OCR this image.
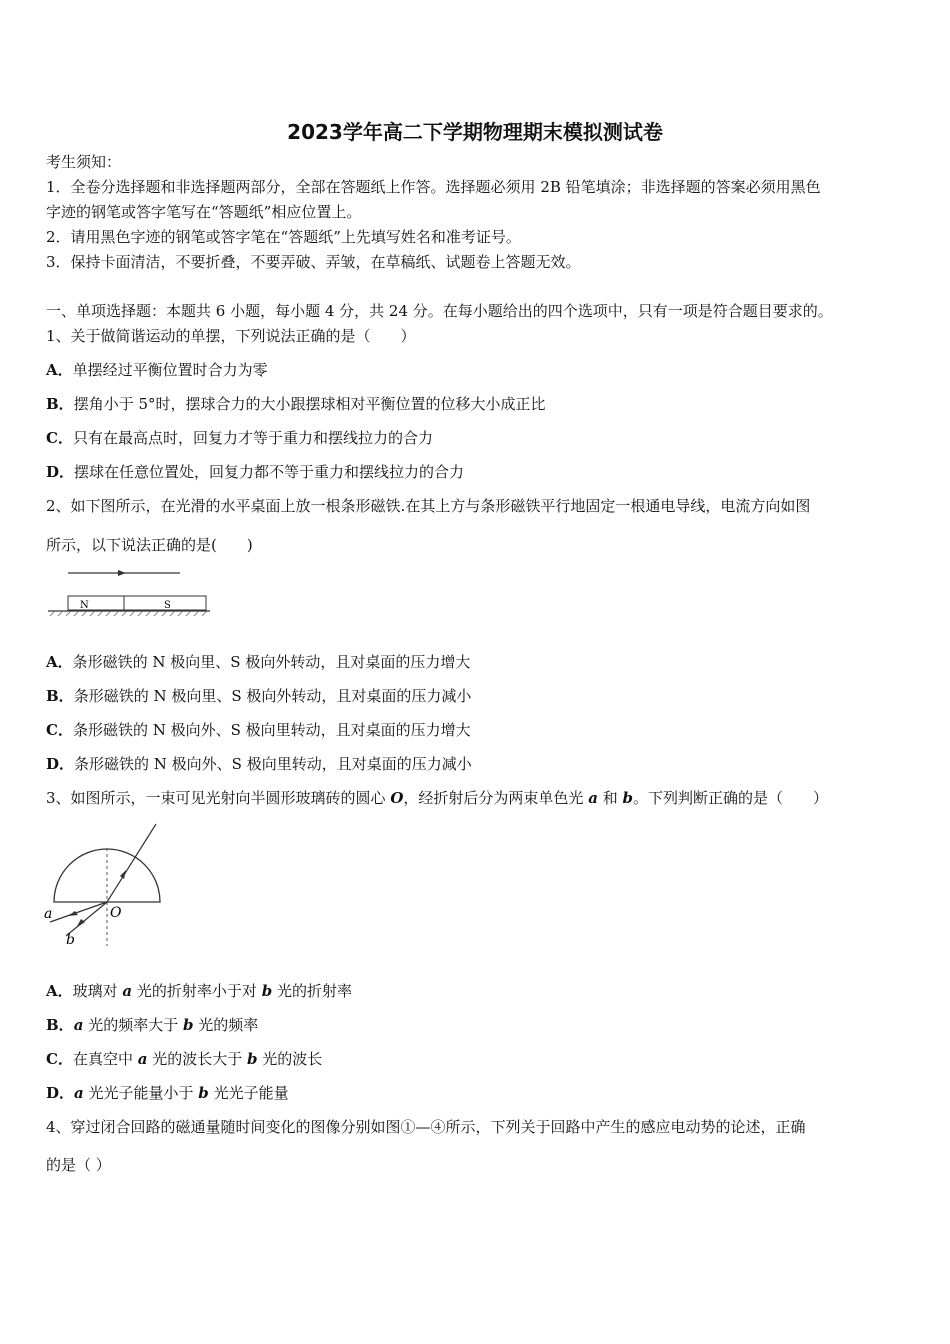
2023学年高二下学期物理期末模拟测试卷
考生须知：
1．全卷分选择题和非选择题两部分，全部在答题纸上作答。选择题必须用 2B 铅笔填涂；非选择题的答案必须用黑色
字迹的钢笔或答字笔写在“答题纸”相应位置上。
2．请用黑色字迹的钢笔或答字笔在“答题纸”上先填写姓名和准考证号。
3．保持卡面清洁，不要折叠，不要弄破、弄皱，在草稿纸、试题卷上答题无效。
一、单项选择题：本题共 6 小题，每小题 4 分，共 24 分。在每小题给出的四个选项中，只有一项是符合题目要求的。
1、关于做简谐运动的单摆，下列说法正确的是（　　）
A．单摆经过平衡位置时合力为零
B．摆角小于 5°时，摆球合力的大小跟摆球相对平衡位置的位移大小成正比
C．只有在最高点时，回复力才等于重力和摆线拉力的合力
D．摆球在任意位置处，回复力都不等于重力和摆线拉力的合力
2、如下图所示，在光滑的水平桌面上放一根条形磁铁.在其上方与条形磁铁平行地固定一根通电导线，电流方向如图
所示，以下说法正确的是(　　)
N	S
A．条形磁铁的 N 极向里、S 极向外转动，且对桌面的压力增大
B．条形磁铁的 N 极向里、S 极向外转动，且对桌面的压力减小
C．条形磁铁的 N 极向外、S 极向里转动，且对桌面的压力增大
D．条形磁铁的 N 极向外、S 极向里转动，且对桌面的压力减小
3、如图所示，一束可见光射向半圆形玻璃砖的圆心 O，经折射后分为两束单色光 a 和 b。下列判断正确的是（　　）
a
b
O
A．玻璃对 a 光的折射率小于对 b 光的折射率
B．a 光的频率大于 b 光的频率
C．在真空中 a 光的波长大于 b 光的波长
D．a 光光子能量小于 b 光光子能量
4、穿过闭合回路的磁通量随时间变化的图像分别如图①—④所示，下列关于回路中产生的感应电动势的论述，正确
的是（ ）
